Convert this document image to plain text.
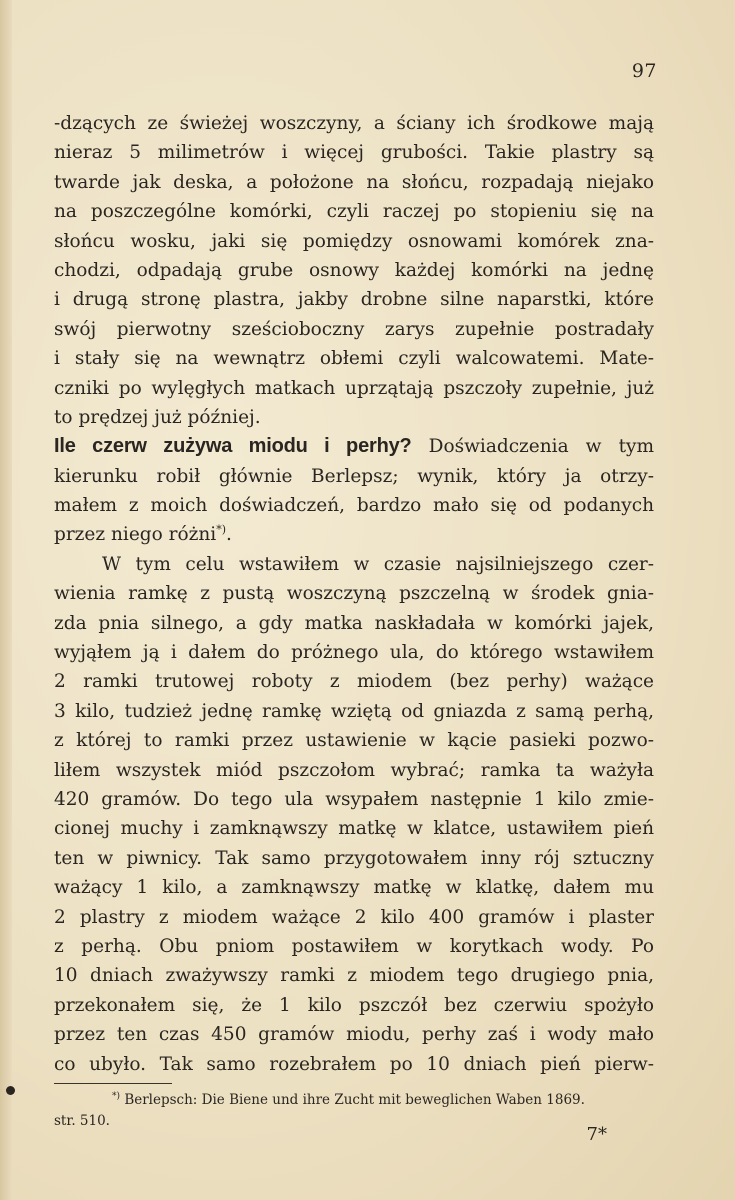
97
-dzących ze świeżej woszczyny, a ściany ich środkowe mają
nieraz 5 milimetrów i więcej grubości. Takie plastry są
twarde jak deska, a położone na słońcu, rozpadają niejako
na poszczególne komórki, czyli raczej po stopieniu się na
słońcu wosku, jaki się pomiędzy osnowami komórek zna-
chodzi, odpadają grube osnowy każdej komórki na jednę
i drugą stronę plastra, jakby drobne silne naparstki, które
swój pierwotny sześcioboczny zarys zupełnie postradały
i stały się na wewnątrz obłemi czyli walcowatemi. Mate-
czniki po wylęgłych matkach uprzątają pszczoły zupełnie, już
to prędzej już później.
Ile czerw zużywa miodu i perhy? Doświadczenia w tym
kierunku robił głównie Berlepsz; wynik, który ja otrzy-
małem z moich doświadczeń, bardzo mało się od podanych
przez niego różni*).
W tym celu wstawiłem w czasie najsilniejszego czer-
wienia ramkę z pustą woszczyną pszczelną w środek gnia-
zda pnia silnego, a gdy matka naskładała w komórki jajek,
wyjąłem ją i dałem do próżnego ula, do którego wstawiłem
2 ramki trutowej roboty z miodem (bez perhy) ważące
3 kilo, tudzież jednę ramkę wziętą od gniazda z samą perhą,
z której to ramki przez ustawienie w kącie pasieki pozwo-
liłem wszystek miód pszczołom wybrać; ramka ta ważyła
420 gramów. Do tego ula wsypałem następnie 1 kilo zmie-
cionej muchy i zamknąwszy matkę w klatce, ustawiłem pień
ten w piwnicy. Tak samo przygotowałem inny rój sztuczny
ważący 1 kilo, a zamknąwszy matkę w klatkę, dałem mu
2 plastry z miodem ważące 2 kilo 400 gramów i plaster
z perhą. Obu pniom postawiłem w korytkach wody. Po
10 dniach zważywszy ramki z miodem tego drugiego pnia,
przekonałem się, że 1 kilo pszczół bez czerwiu spożyło
przez ten czas 450 gramów miodu, perhy zaś i wody mało
co ubyło. Tak samo rozebrałem po 10 dniach pień pierw-
*) Berlepsch: Die Biene und ihre Zucht mit beweglichen Waben 1869.
str. 510.
7*
